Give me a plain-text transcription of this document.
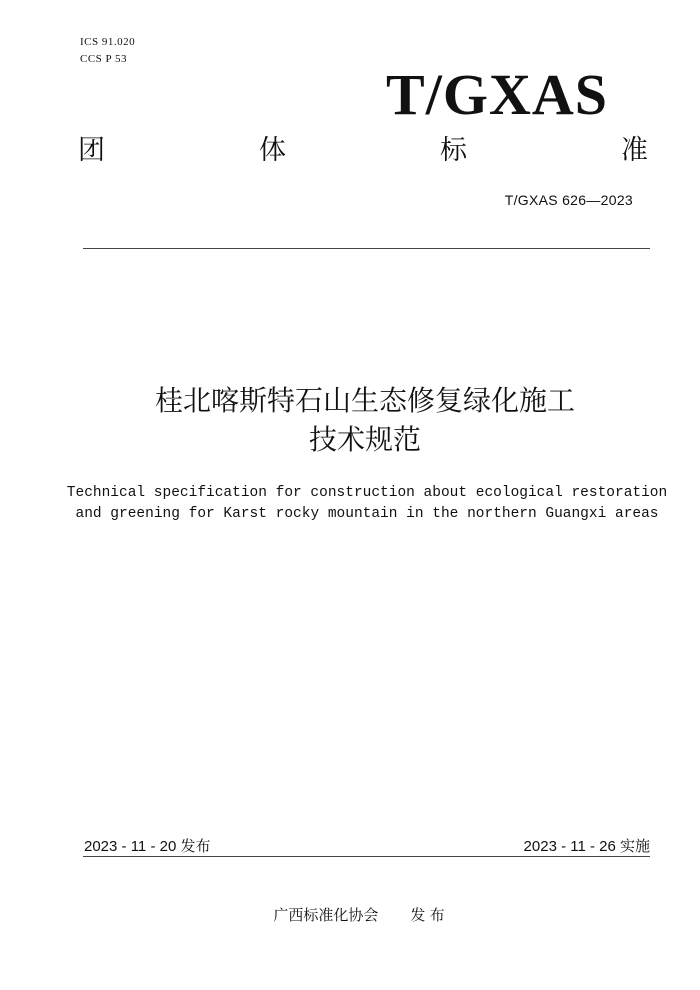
ICS 91.020
CCS P 53
T/GXAS
团	体	标	准
T/GXAS 626—2023
桂北喀斯特石山生态修复绿化施工
技术规范
Technical specification for construction about ecological restoration
and greening for Karst rocky mountain in the northern Guangxi areas
2023 - 11 - 20 发布	2023 - 11 - 26 实施
广西标准化协会 发 布
